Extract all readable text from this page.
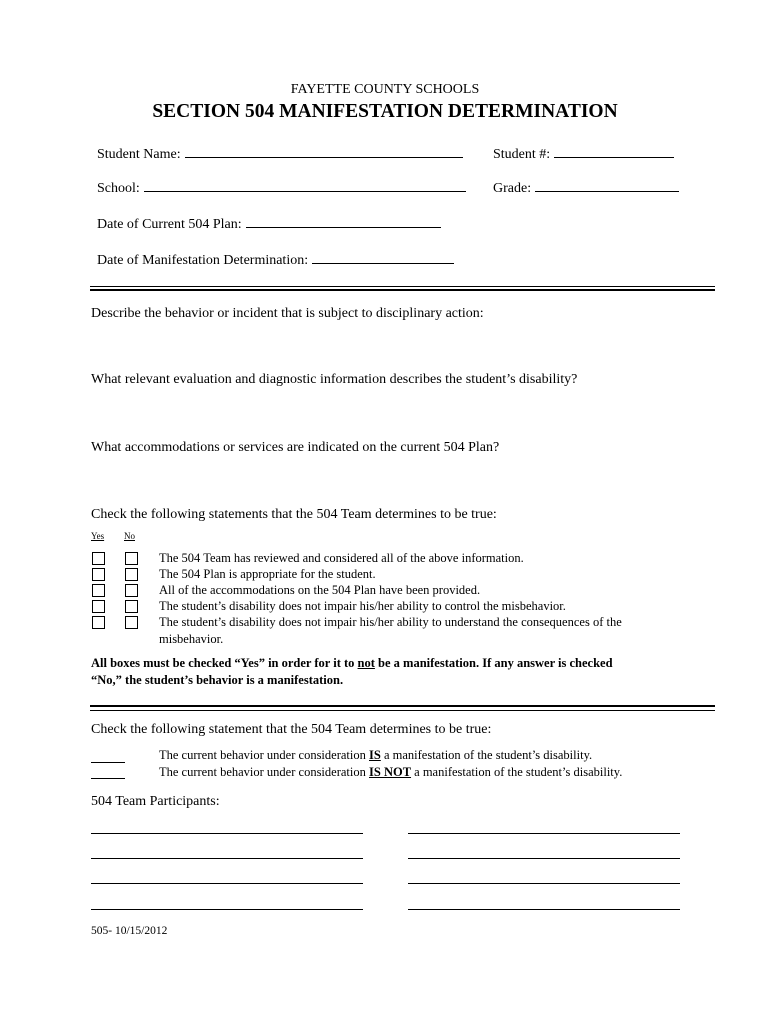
FAYETTE COUNTY SCHOOLS
SECTION 504 MANIFESTATION DETERMINATION
Student Name:	Student #:
School:	Grade:
Date of Current 504 Plan:
Date of Manifestation Determination:
Describe the behavior or incident that is subject to disciplinary action:
What relevant evaluation and diagnostic information describes the student’s disability?
What accommodations or services are indicated on the current 504 Plan?
Check the following statements that the 504 Team determines to be true:
Yes No
The 504 Team has reviewed and considered all of the above information.
The 504 Plan is appropriate for the student.
All of the accommodations on the 504 Plan have been provided.
The student’s disability does not impair his/her ability to control the misbehavior.
The student’s disability does not impair his/her ability to understand the consequences of the
misbehavior.
All boxes must be checked “Yes” in order for it to not be a manifestation. If any answer is checked
“No,” the student’s behavior is a manifestation.
Check the following statement that the 504 Team determines to be true:
The current behavior under consideration IS a manifestation of the student’s disability.
The current behavior under consideration IS NOT a manifestation of the student’s disability.
504 Team Participants:
505- 10/15/2012
